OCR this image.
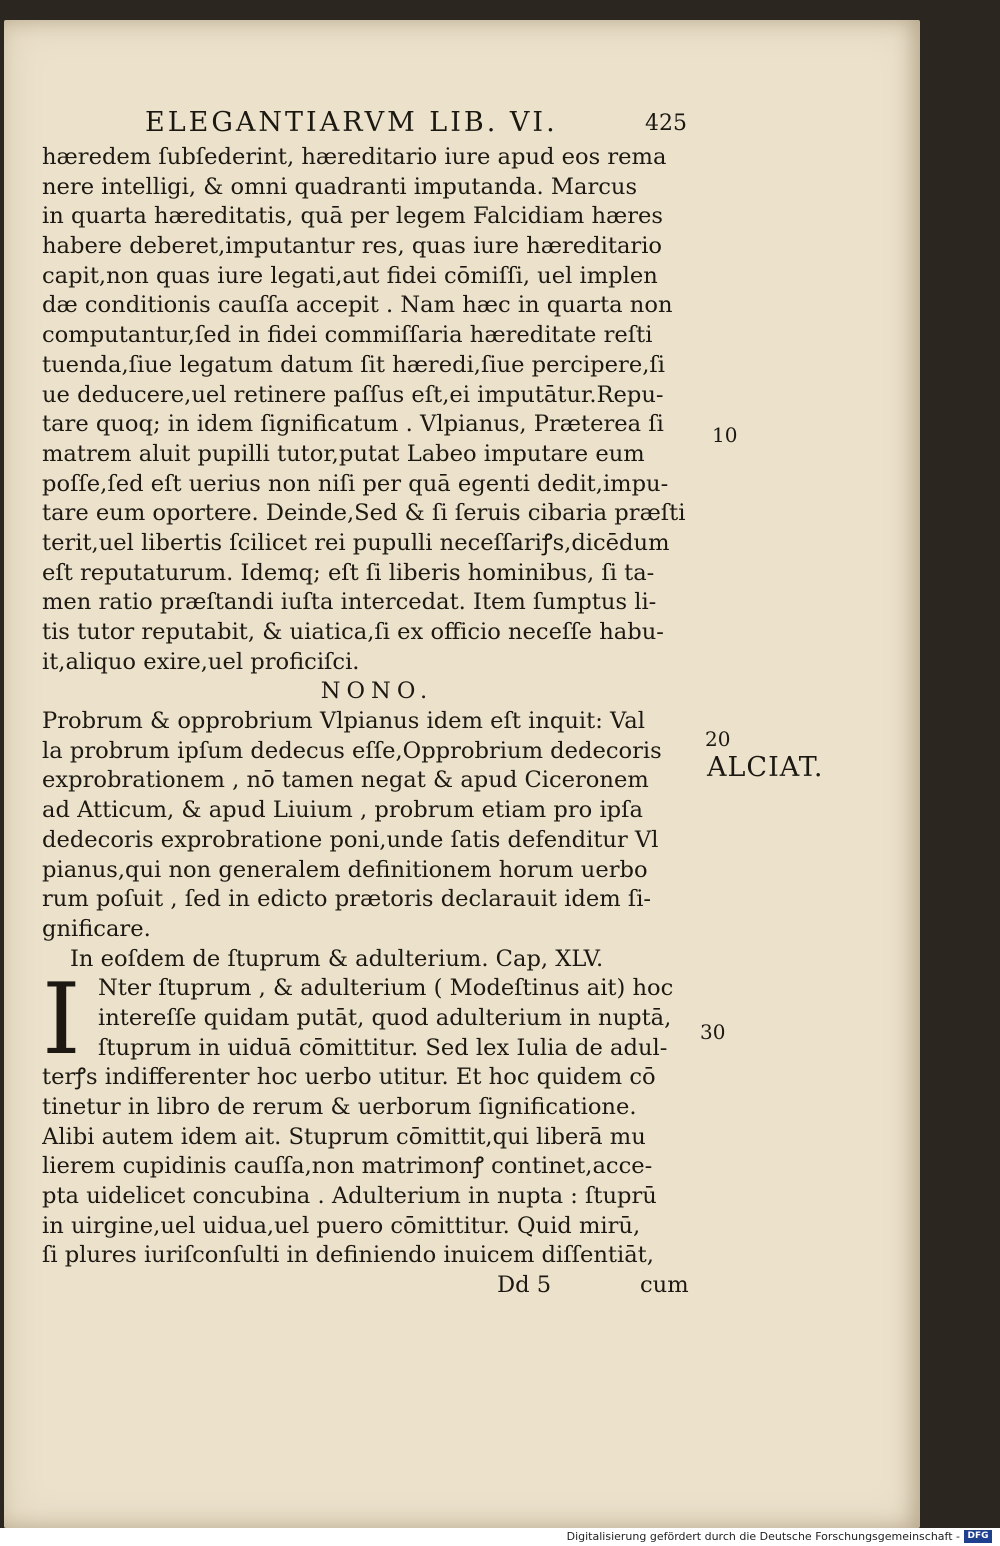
ELEGANTIARVM LIB. VI.	425
hæredem ſubſederint, hæreditario iure apud eos rema
nere intelligi, & omni quadranti imputanda. Marcus
in quarta hæreditatis, quā per legem Falcidiam hæres
habere deberet,imputantur res, quas iure hæreditario
capit,non quas iure legati,aut fidei cōmiſſi, uel implen
dæ conditionis cauſſa accepit . Nam hæc in quarta non
computantur,ſed in fidei commiſſaria hæreditate reſti
tuenda,ſiue legatum datum ſit hæredi,ſiue percipere,ſi
ue deducere,uel retinere paſſus eſt,ei imputātur.Repu-
tare quoq; in idem ſignificatum . Vlpianus, Præterea ſi
matrem aluit pupilli tutor,putat Labeo imputare eum
poſſe,ſed eſt uerius non niſi per quā egenti dedit,impu-
tare eum oportere. Deinde,Sed & ſi ſeruis cibaria præſti
terit,uel libertis ſcilicet rei pupulli neceſſariꝭs,dicēdum
eſt reputaturum. Idemq; eſt ſi liberis hominibus, ſi ta-
men ratio præſtandi iuſta intercedat. Item ſumptus li-
tis tutor reputabit, & uiatica,ſi ex officio neceſſe habu-
it,aliquo exire,uel proficiſci.
NONO.
Probrum & opprobrium Vlpianus idem eſt inquit: Val
la probrum ipſum dedecus eſſe,Opprobrium dedecoris
exprobrationem , nō tamen negat & apud Ciceronem
ad Atticum, & apud Liuium , probrum etiam pro ipſa
dedecoris exprobratione poni,unde ſatis defenditur Vl
pianus,qui non generalem definitionem horum uerbo
rum poſuit , ſed in edicto prætoris declarauit idem ſi-
gnificare.
In eoſdem de ſtuprum & adulterium. Cap, XLV.
I Nter ſtuprum , & adulterium ( Modeſtinus ait) hoc
intereſſe quidam putāt, quod adulterium in nuptā,
ſtuprum in uiduā cōmittitur. Sed lex Iulia de adul-
terꝭs indifferenter hoc uerbo utitur. Et hoc quidem cō
tinetur in libro de rerum & uerborum ſignificatione.
Alibi autem idem ait. Stuprum cōmittit,qui liberā mu
lierem cupidinis cauſſa,non matrimonꝭ continet,acce-
pta uidelicet concubina . Adulterium in nupta : ſtuprū
in uirgine,uel uidua,uel puero cōmittitur. Quid mirū,
ſi plures iuriſconſulti in definiendo inuicem diſſentiāt,
Dd 5	cum
10
20
ALCIAT.
30
Digitalisierung gefördert durch die Deutsche Forschungsgemeinschaft - DFG
